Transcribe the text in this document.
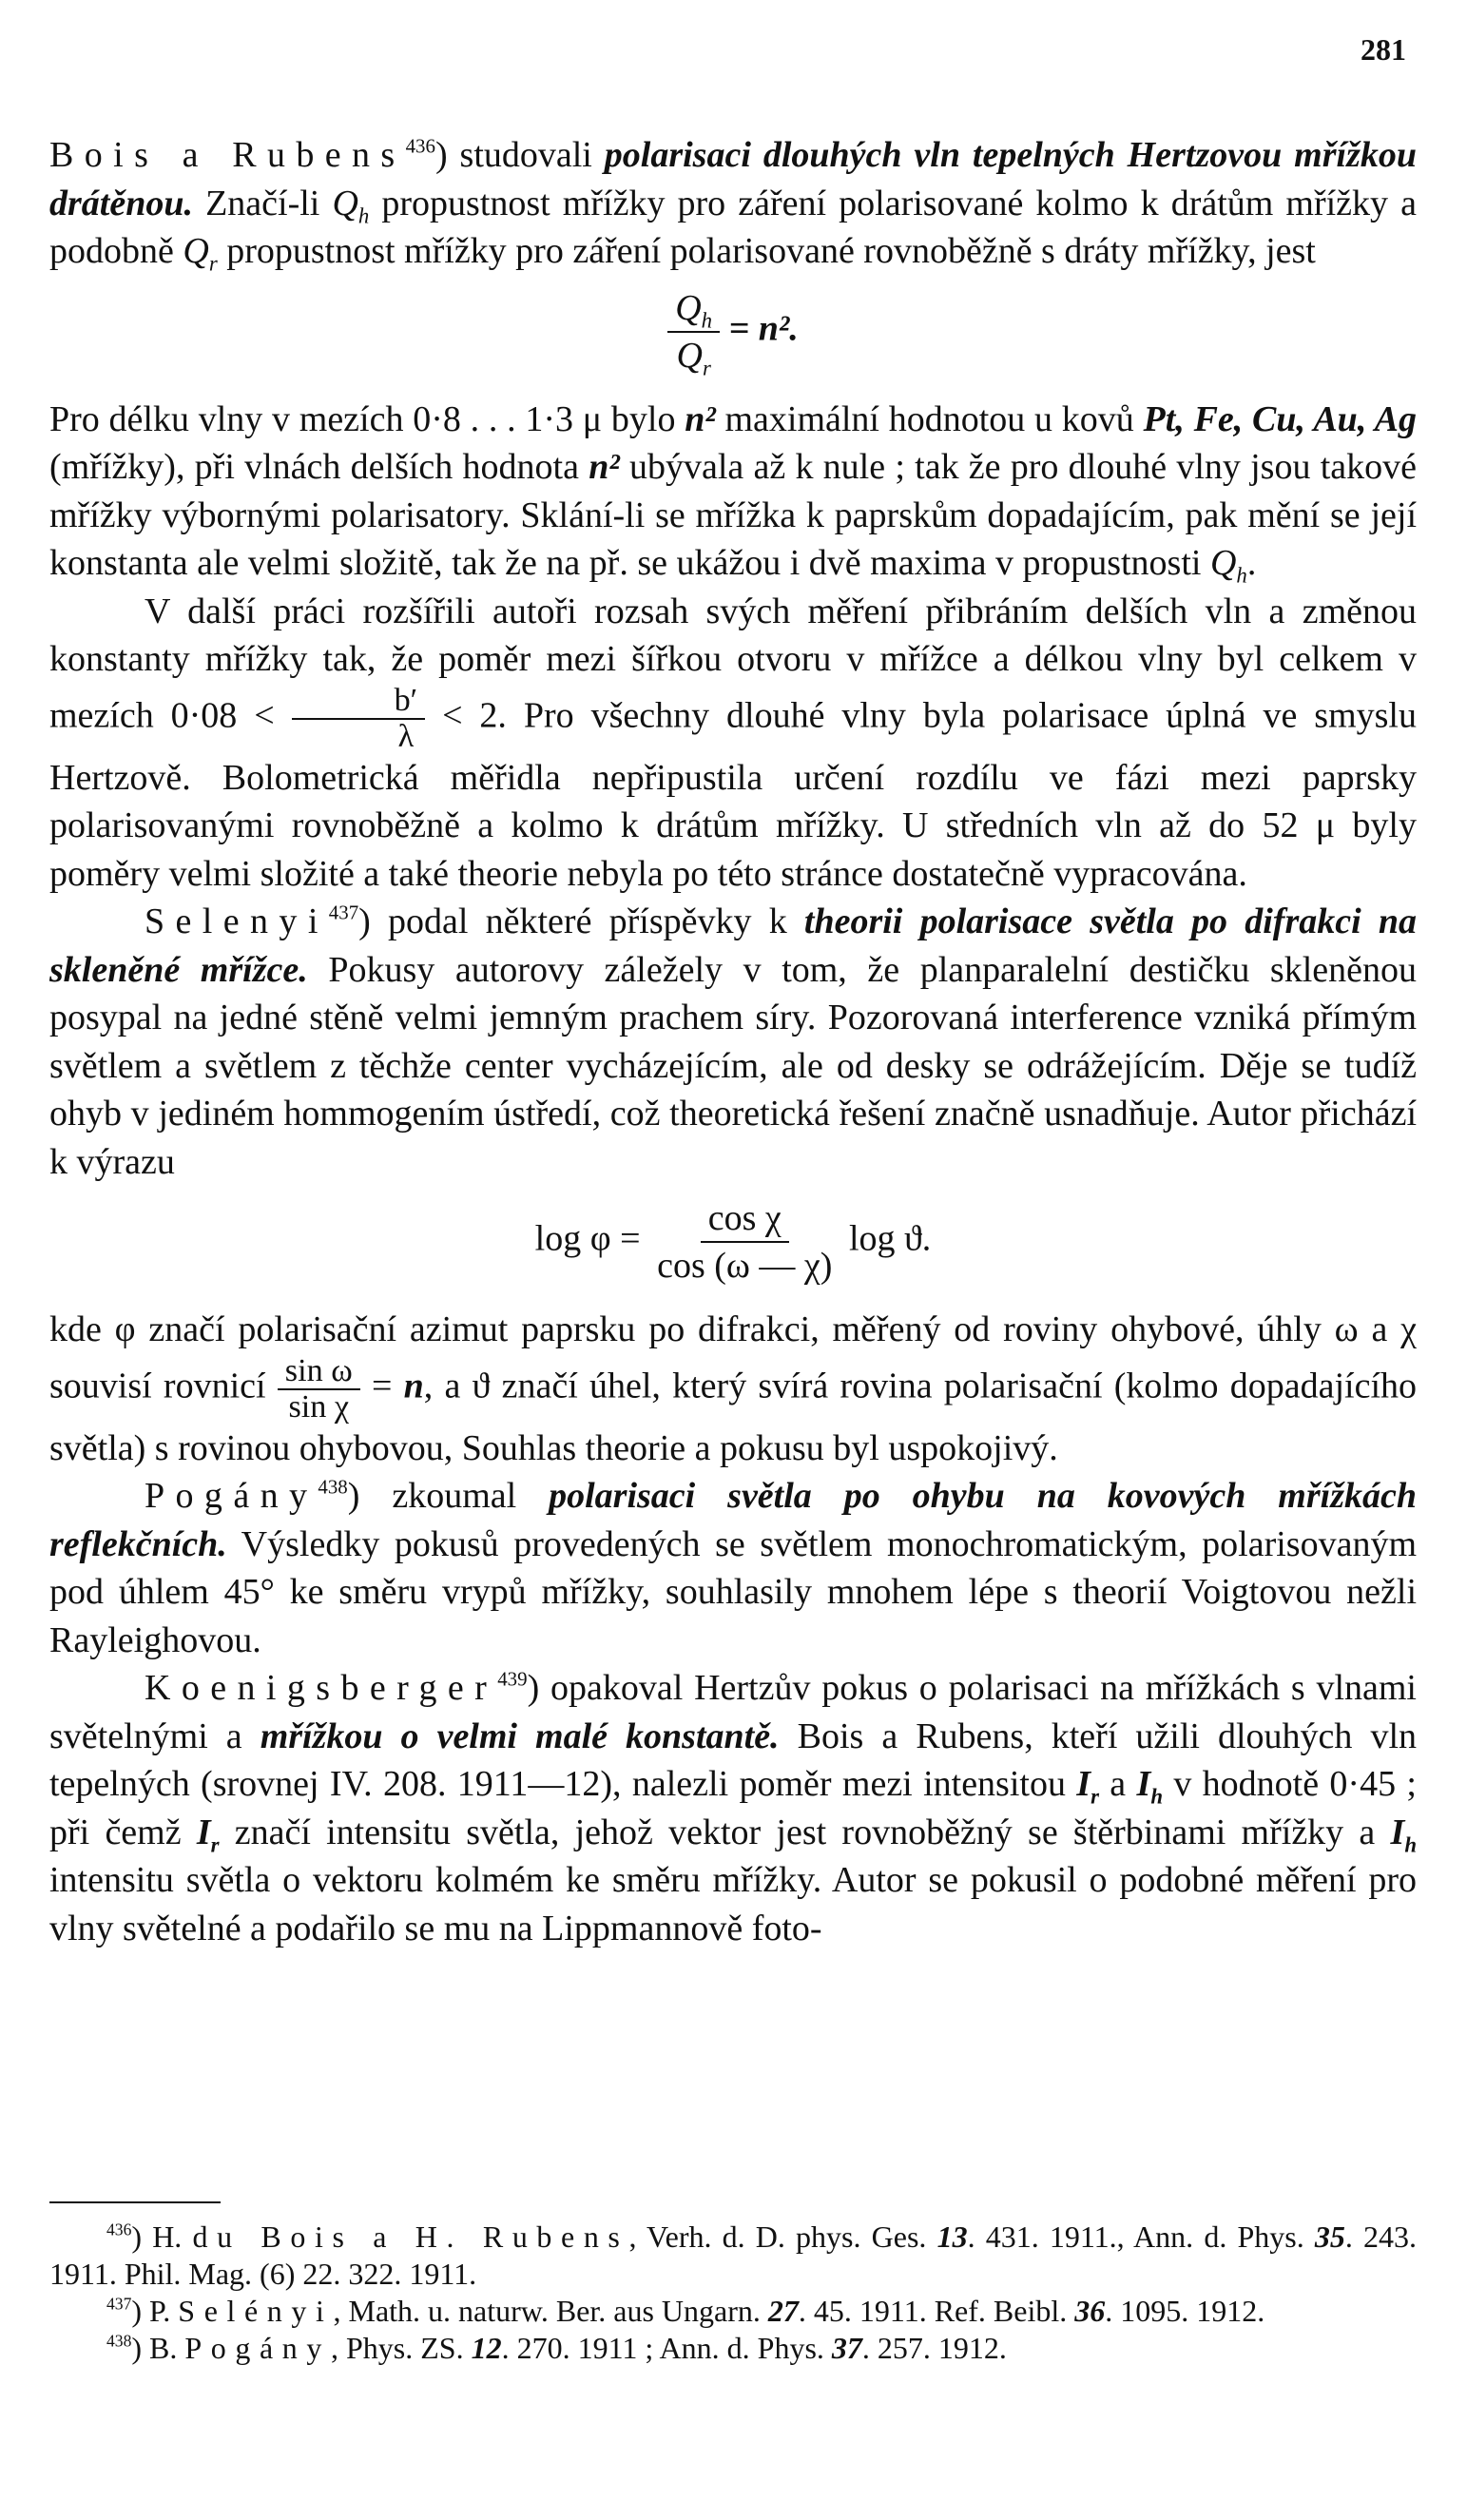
281

Bois a Rubens$^{436}$) studovali polarisaci dlouhých vln tepelných Hertzovou mřížkou drátěnou. Značí-li $Q_h$ propustnost mřížky pro záření polarisované kolmo k drátům mřížky a podobně $Q_r$ propustnost mřížky pro záření polarisované rovnoběžně s dráty mřížky, jest

$\frac{Q_h}{Q_r} = n^2$.

Pro délku vlny v mezích 0·8 . . . 1·3 μ bylo n² maximální hodnotou u kovů Pt, Fe, Cu, Au, Ag (mřížky), při vlnách delších hodnota n² ubývala až k nule ; tak že pro dlouhé vlny jsou takové mřížky výbornými polarisatory. Sklání-li se mřížka k paprskům dopadajícím, pak mění se její konstanta ale velmi složitě, tak že na př. se ukážou i dvě maxima v propustnosti $Q_h$.

V další práci rozšířili autoři rozsah svých měření přibráním delších vln a změnou konstanty mřížky tak, že poměr mezi šířkou otvoru v mřížce a délkou vlny byl celkem v mezích $0\cdot 08 < \frac{b'}{\lambda} < 2$. Pro všechny dlouhé vlny byla polarisace úplná ve smyslu Hertzově. Bolometrická měřidla nepřipustila určení rozdílu ve fázi mezi paprsky polarisovanými rovnoběžně a kolmo k drátům mřížky. U středních vln až do 52 μ byly poměry velmi složité a také theorie nebyla po této stránce dostatečně vypracována.

Selenyi$^{437}$) podal některé příspěvky k theorii polarisace světla po difrakci na skleněné mřížce. Pokusy autorovy záležely v tom, že planparalelní destičku skleněnou posypal na jedné stěně velmi jemným prachem síry. Pozorovaná interference vzniká přímým světlem a světlem z těchže center vycházejícím, ale od desky se odrážejícím. Děje se tudíž ohyb v jediném hommogením ústředí, což theoretická řešení značně usnadňuje. Autor přichází k výrazu

$\log \varphi = \frac{\text{cos χ}}{\cos (\omega — \chi)}$ log ϑ.

kde φ značí polarisační azimut paprsku po difrakci, měřený od roviny ohybové, úhly ω a χ souvisí rovnicí $\frac{\text{sin ω}}{\text{sin χ}} = n$, a ϑ značí úhel, který svírá rovina polarisační (kolmo dopadajícího světla) s rovinou ohybovou, Souhlas theorie a pokusu byl uspokojivý.

Pogány$^{438}$) zkoumal polarisaci světla po ohybu na kovových mřížkách reflekčních. Výsledky pokusů provedených se světlem monochromatickým, polarisovaným pod úhlem 45° ke směru vrypů mřížky, souhlasily mnohem lépe s theorií Voigtovou nežli Rayleighovou.

Koenigsberger$^{439}$) opakoval Hertzův pokus o polarisaci na mřížkách s vlnami světelnými a mřížkou o velmi malé konstantě. Bois a Rubens, kteří užili dlouhých vln tepelných (srovnej IV. 208. 1911—12), nalezli poměr mezi intensitou $I_r$ a $I_h$ v hodnotě 0·45 ; při čemž $I_r$ značí intensitu světla, jehož vektor jest rovnoběžný se štěrbinami mřížky a $I_h$ intensitu světla o vektoru kolmém ke směru mřížky. Autor se pokusil o podobné měření pro vlny světelné a podařilo se mu na Lippmannově foto-

$^{436}$) H. du Bois a H. Rubens, Verh. d. D. phys. Ges. 13. 431. 1911., Ann. d. Phys. 35. 243. 1911. Phil. Mag. (6) 22. 322. 1911.

$^{437}$) P. Selényi, Math. u. naturw. Ber. aus Ungarn. 27. 45. 1911. Ref. Beibl. 36. 1095. 1912.

$^{438}$) B. Pogány, Phys. ZS. 12. 270. 1911 ; Ann. d. Phys. 37. 257. 1912.
